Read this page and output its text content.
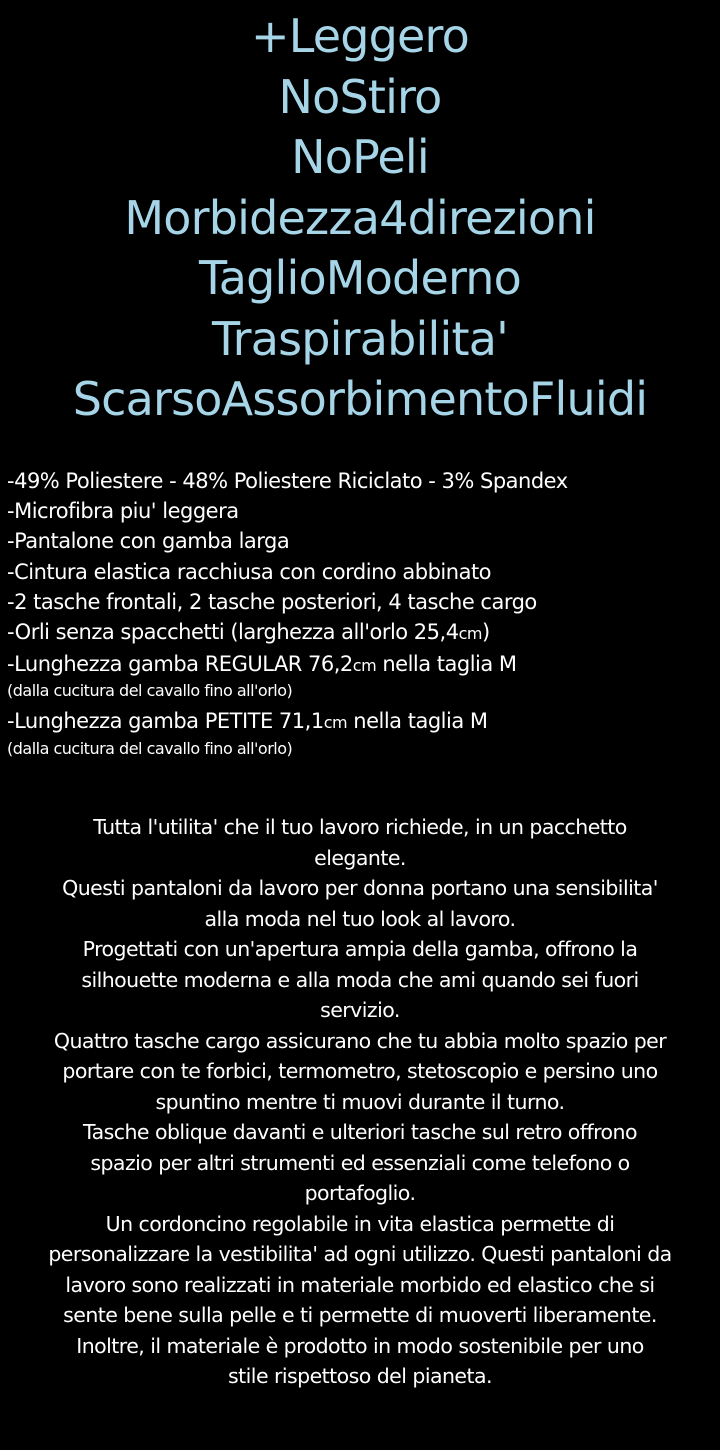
+Leggero
NoStiro
NoPeli
Morbidezza4direzioni
TaglioModerno
Traspirabilita'
ScarsoAssorbimentoFluidi
-49% Poliestere - 48% Poliestere Riciclato - 3% Spandex
-Microfibra piu' leggera
-Pantalone con gamba larga
-Cintura elastica racchiusa con cordino abbinato
-2 tasche frontali, 2 tasche posteriori, 4 tasche cargo
-Orli senza spacchetti (larghezza all'orlo 25,4cm)
-Lunghezza gamba REGULAR 76,2cm nella taglia M
(dalla cucitura del cavallo fino all'orlo)
-Lunghezza gamba PETITE 71,1cm nella taglia M
(dalla cucitura del cavallo fino all'orlo)
Tutta l'utilita' che il tuo lavoro richiede, in un pacchetto
elegante.
Questi pantaloni da lavoro per donna portano una sensibilita'
alla moda nel tuo look al lavoro.
Progettati con un'apertura ampia della gamba, offrono la
silhouette moderna e alla moda che ami quando sei fuori
servizio.
Quattro tasche cargo assicurano che tu abbia molto spazio per
portare con te forbici, termometro, stetoscopio e persino uno
spuntino mentre ti muovi durante il turno.
Tasche oblique davanti e ulteriori tasche sul retro offrono
spazio per altri strumenti ed essenziali come telefono o
portafoglio.
Un cordoncino regolabile in vita elastica permette di
personalizzare la vestibilita' ad ogni utilizzo. Questi pantaloni da
lavoro sono realizzati in materiale morbido ed elastico che si
sente bene sulla pelle e ti permette di muoverti liberamente.
Inoltre, il materiale è prodotto in modo sostenibile per uno
stile rispettoso del pianeta.
